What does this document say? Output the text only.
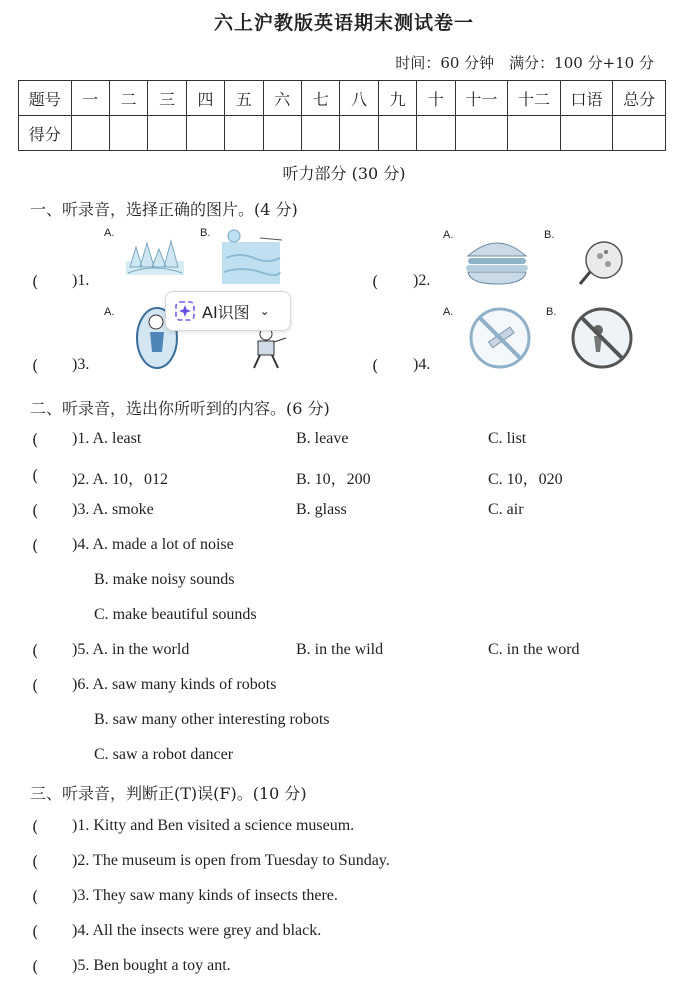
六上沪教版英语期末测试卷一
时间：60 分钟　满分：100 分+10 分
题号	一	二	三	四	五	六	七	八	九	十	十一	十二	口语	总分
得分														
听力部分 (30 分)
一、听录音，选择正确的图片。(4 分)
A.	B.
( )1.
A.	B.
( )2.
A.
( )3.
A.	B.
( )4.
AI识图 ⌄
二、听录音，选出你所听到的内容。(6 分)
( )1. A. least	B. leave	C. list
( )2. A. 10，012	B. 10，200	C. 10，020
( )3. A. smoke	B. glass	C. air
( )4. A. made a lot of noise
B. make noisy sounds
C. make beautiful sounds
( )5. A. in the world	B. in the wild	C. in the word
( )6. A. saw many kinds of robots
B. saw many other interesting robots
C. saw a robot dancer
三、听录音，判断正(T)误(F)。(10 分)
( )1. Kitty and Ben visited a science museum.
( )2. The museum is open from Tuesday to Sunday.
( )3. They saw many kinds of insects there.
( )4. All the insects were grey and black.
( )5. Ben bought a toy ant.
